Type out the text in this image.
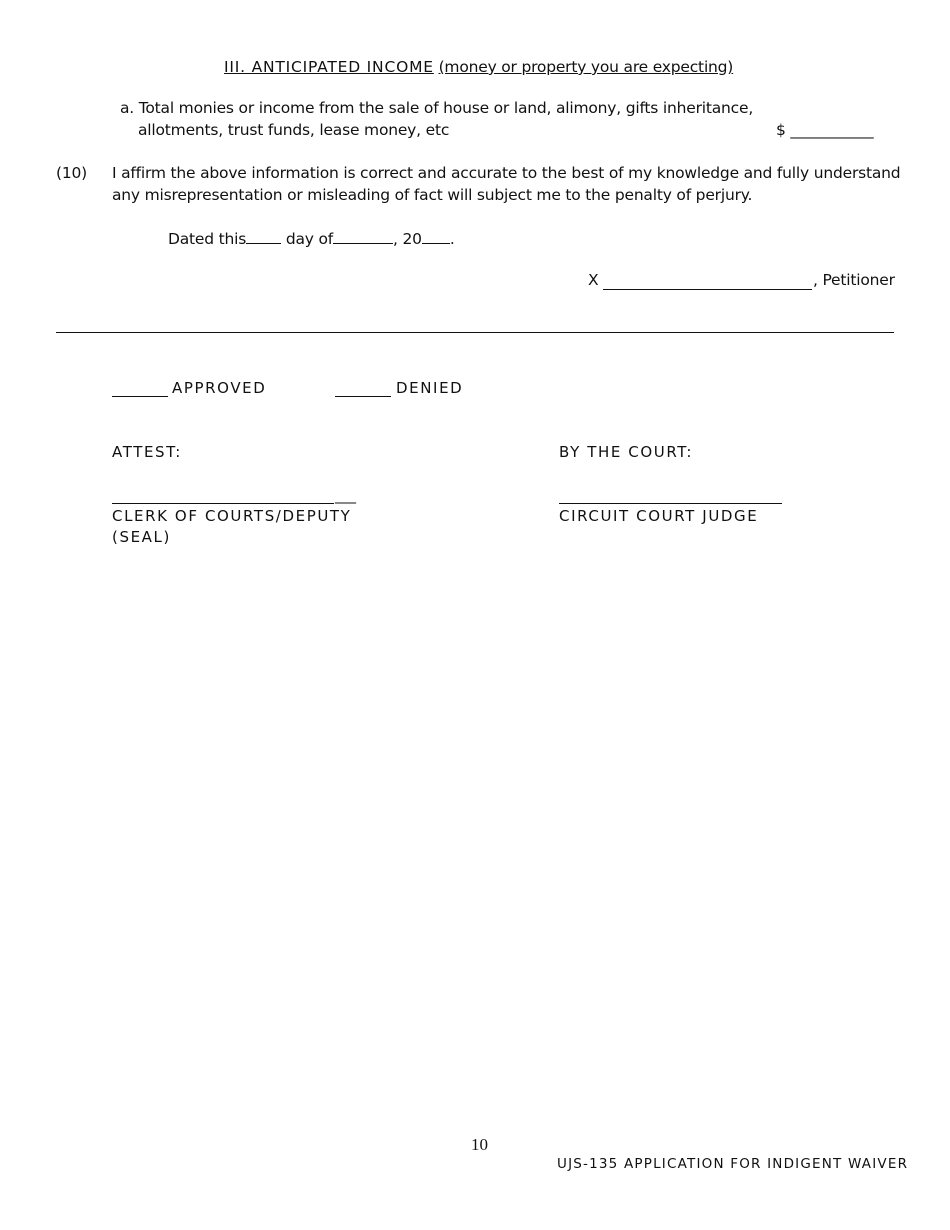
III. ANTICIPATED INCOME (money or property you are expecting)
a. Total monies or income from the sale of house or land, alimony, gifts inheritance,
allotments, trust funds, lease money, etc	$ ___________
(10) I affirm the above information is correct and accurate to the best of my knowledge and fully understand
any misrepresentation or misleading of fact will subject me to the penalty of perjury.
Dated this	day of	, 20 .
X	, Petitioner
APPROVED	DENIED
ATTEST:	BY THE COURT:
___
CLERK OF COURTS/DEPUTY
(SEAL)
CIRCUIT COURT JUDGE
10
UJS-135 APPLICATION FOR INDIGENT WAIVER
